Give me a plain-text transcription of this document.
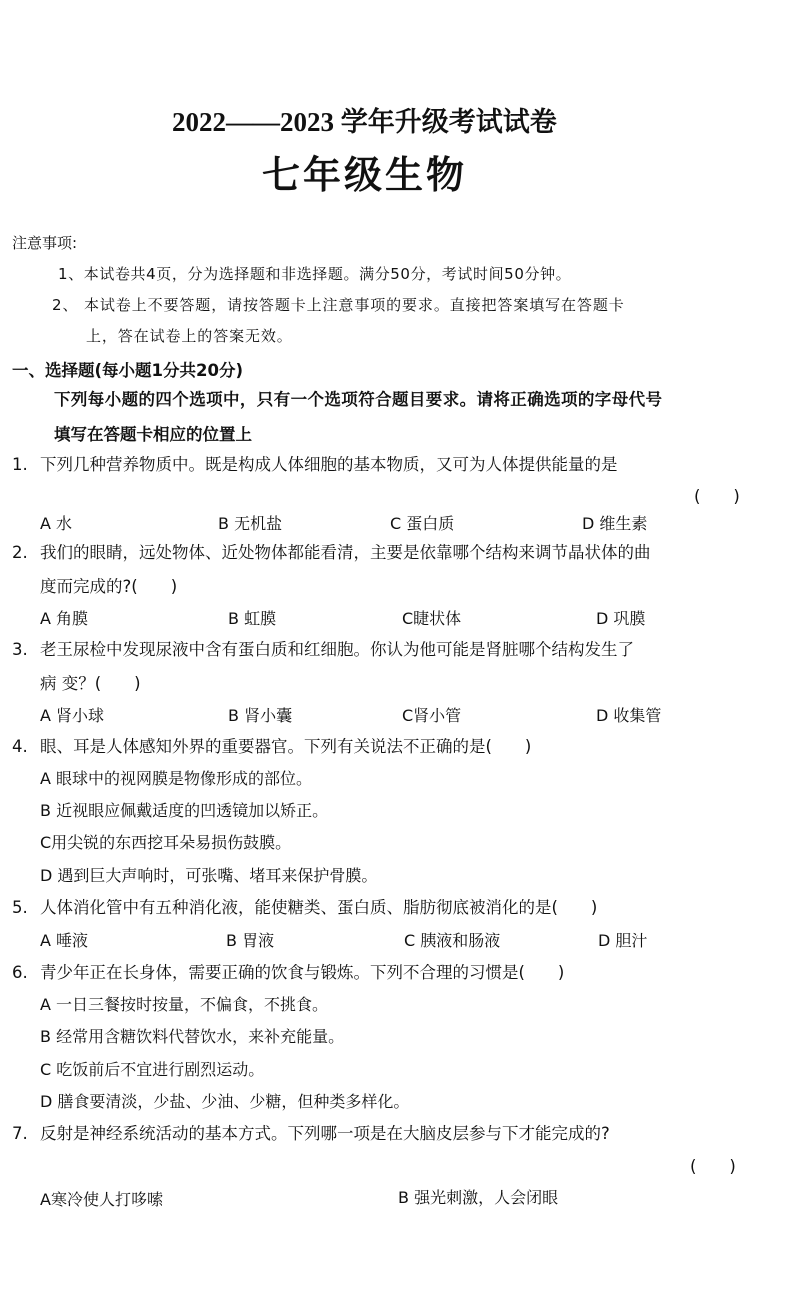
2022——2023 学年升级考试试卷
七年级生物
注意事项:
1、本试卷共4页，分为选择题和非选择题。满分50分，考试时间50分钟。
2、 本试卷上不要答题，请按答题卡上注意事项的要求。直接把答案填写在答题卡
上，答在试卷上的答案无效。
一、选择题(每小题1分共20分)
下列每小题的四个选项中，只有一个选项符合题目要求。请将正确选项的字母代号
填写在答题卡相应的位置上
1. 下列几种营养物质中。既是构成人体细胞的基本物质，又可为人体提供能量的是
(　　)
A 水	B 无机盐	C 蛋白质	D 维生素
2. 我们的眼睛，远处物体、近处物体都能看清，主要是依靠哪个结构来调节晶状体的曲
度而完成的?(　　)
A 角膜	B 虹膜	C睫状体	D 巩膜
3. 老王尿检中发现尿液中含有蛋白质和红细胞。你认为他可能是肾脏哪个结构发生了
病 变？(　　)
A 肾小球	B 肾小囊	C肾小管	D 收集管
4. 眼、耳是人体感知外界的重要器官。下列有关说法不正确的是(　　)
A 眼球中的视网膜是物像形成的部位。
B 近视眼应佩戴适度的凹透镜加以矫正。
C用尖锐的东西挖耳朵易损伤鼓膜。
D 遇到巨大声响时，可张嘴、堵耳来保护骨膜。
5. 人体消化管中有五种消化液，能使糖类、蛋白质、脂肪彻底被消化的是(　　)
A 唾液	B 胃液	C 胰液和肠液	D 胆汁
6. 青少年正在长身体，需要正确的饮食与锻炼。下列不合理的习惯是(　　)
A 一日三餐按时按量，不偏食，不挑食。
B 经常用含糖饮料代替饮水，来补充能量。
C 吃饭前后不宜进行剧烈运动。
D 膳食要清淡，少盐、少油、少糖，但种类多样化。
7. 反射是神经系统活动的基本方式。下列哪一项是在大脑皮层参与下才能完成的?
(　　)
A寒冷使人打哆嗦	B 强光刺激，人会闭眼
